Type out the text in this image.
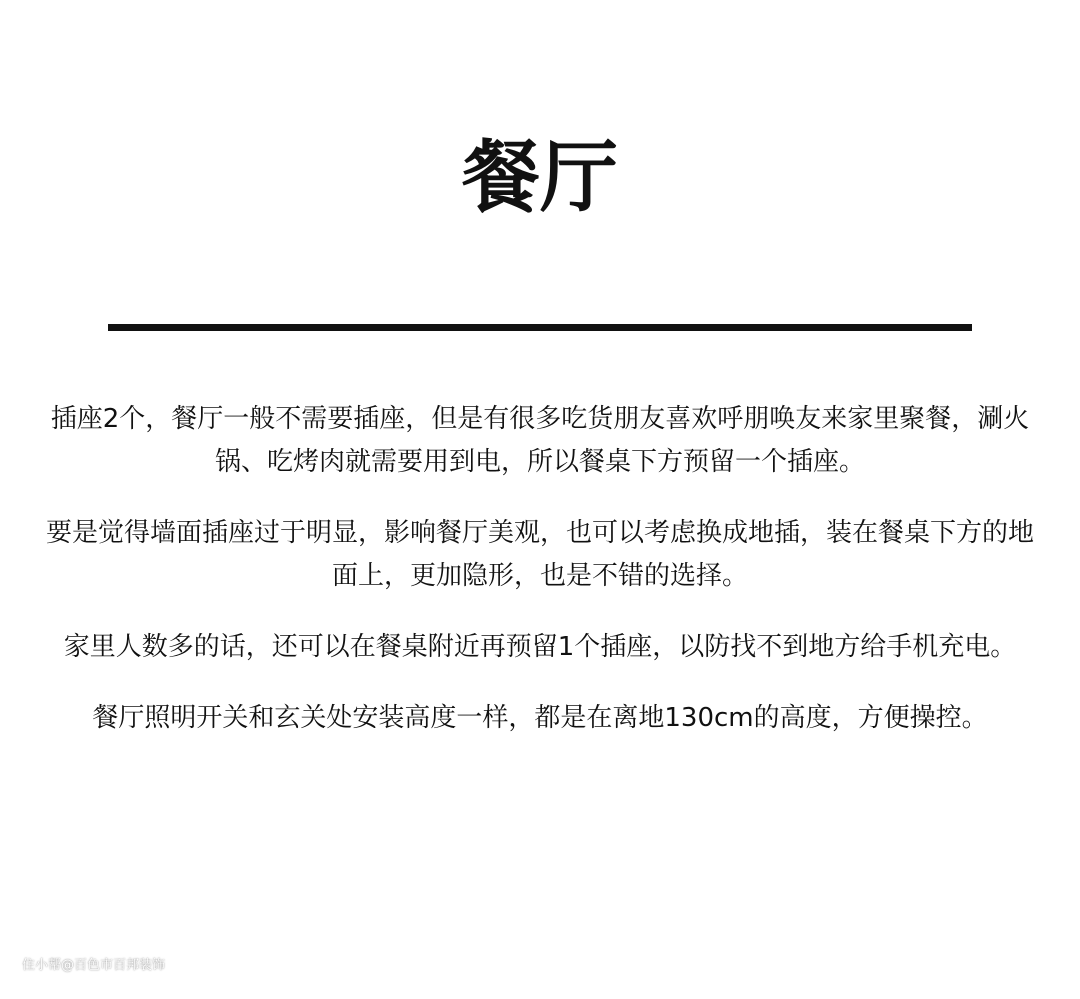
餐厅

插座2个，餐厅一般不需要插座，但是有很多吃货朋友喜欢呼朋唤友来家里聚餐，涮火锅、吃烤肉就需要用到电，所以餐桌下方预留一个插座。

要是觉得墙面插座过于明显，影响餐厅美观，也可以考虑换成地插，装在餐桌下方的地面上，更加隐形，也是不错的选择。

家里人数多的话，还可以在餐桌附近再预留1个插座，以防找不到地方给手机充电。

餐厅照明开关和玄关处安装高度一样，都是在离地130cm的高度，方便操控。

住小帮@百色市百邦装饰
